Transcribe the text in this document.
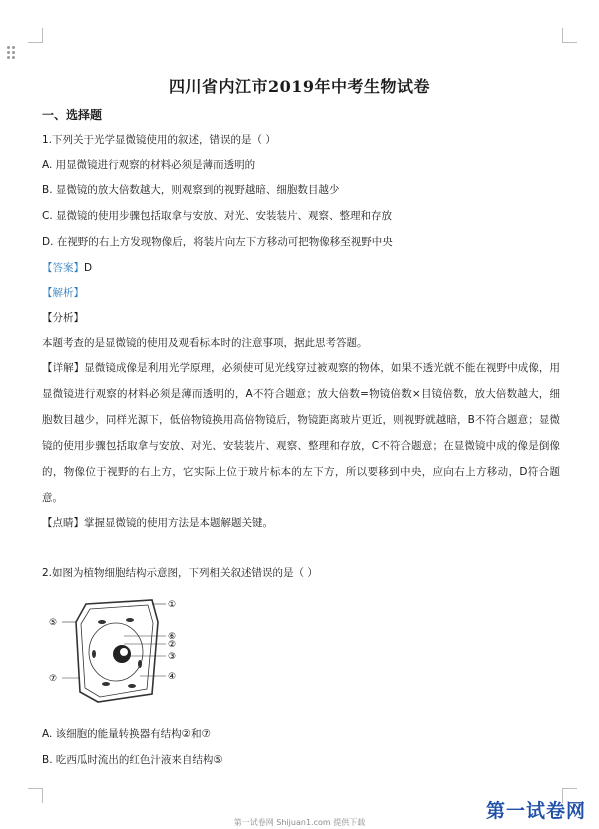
四川省内江市2019年中考生物试卷
一、选择题
1.下列关于光学显微镜使用的叙述，错误的是（ ）
A. 用显微镜进行观察的材料必须是薄而透明的
B. 显微镜的放大倍数越大，则观察到的视野越暗、细胞数目越少
C. 显微镜的使用步骤包括取拿与安放、对光、安装装片、观察、整理和存放
D. 在视野的右上方发现物像后，将装片向左下方移动可把物像移至视野中央
【答案】D
【解析】
【分析】
本题考查的是显微镜的使用及观看标本时的注意事项，据此思考答题。
【详解】显微镜成像是利用光学原理，必须使可见光线穿过被观察的物体，如果不透光就不能在视野中成像，用显微镜进行观察的材料必须是薄而透明的，A不符合题意；放大倍数=物镜倍数×目镜倍数，放大倍数越大，细胞数目越少，同样光源下，低倍物镜换用高倍物镜后，物镜距离玻片更近，则视野就越暗，B不符合题意；显微镜的使用步骤包括取拿与安放、对光、安装装片、观察、整理和存放，C不符合题意；在显微镜中成的像是倒像的，物像位于视野的右上方，它实际上位于玻片标本的左下方，所以要移到中央，应向右上方移动，D符合题意。
【点睛】掌握显微镜的使用方法是本题解题关键。
2.如图为植物细胞结构示意图，下列相关叙述错误的是（ ）
①
⑤
⑥
②
③
⑦	④
A. 该细胞的能量转换器有结构②和⑦
B. 吃西瓜时流出的红色汁液来自结构⑤
第一试卷网
第一试卷网 Shijuan1.com 提供下载
